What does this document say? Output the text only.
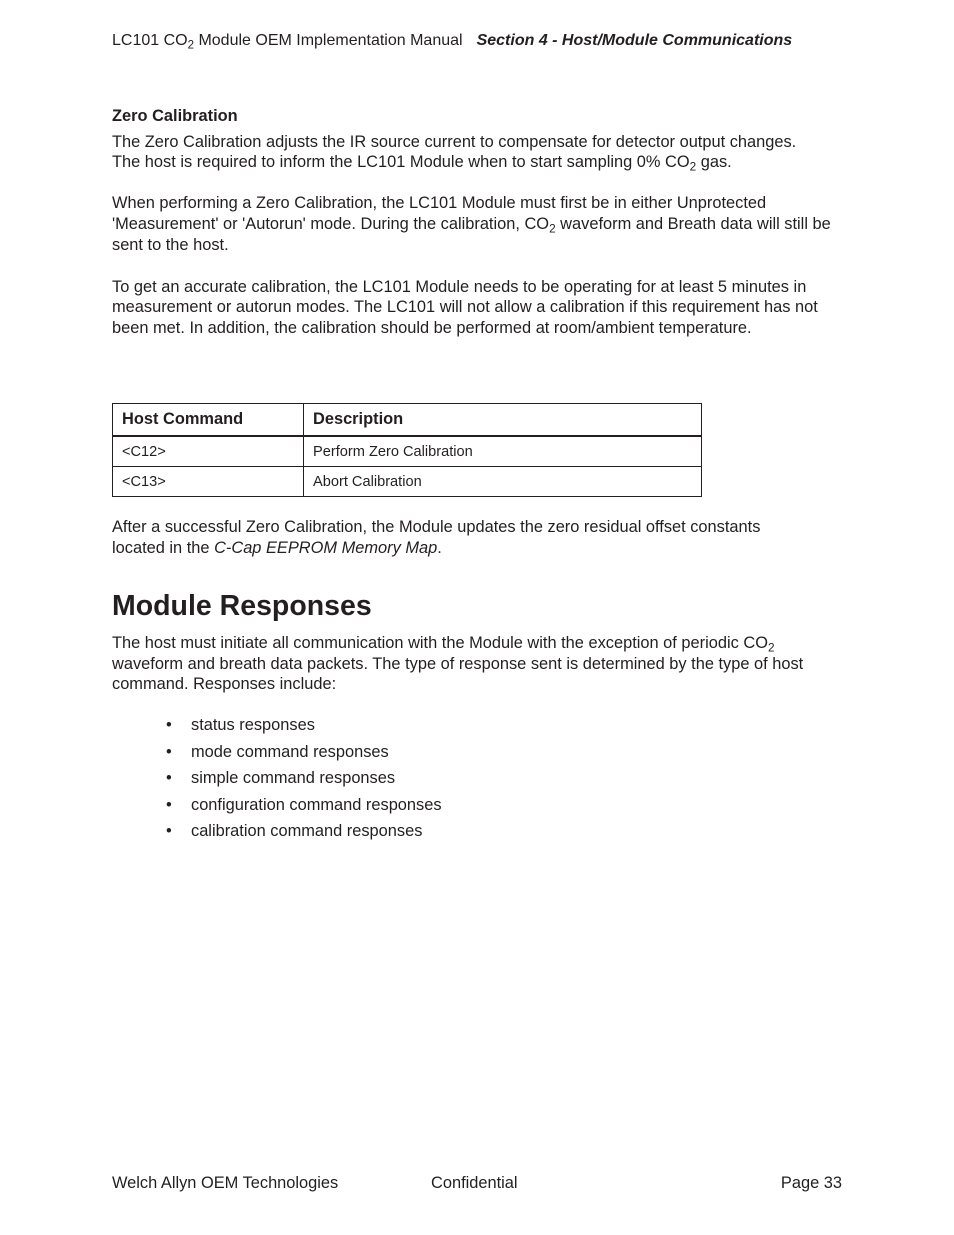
LC101 $CO_2$ Module OEM Implementation Manual Section 4 - Host/Module Communications
Zero Calibration

The Zero Calibration adjusts the IR source current to compensate for detector output changes.
The host is required to inform the LC101 Module when to start sampling 0% $CO_2$ gas.

When performing a Zero Calibration, the LC101 Module must first be in either Unprotected 'Measurement' or 'Autorun' mode. During the calibration, $CO_2$ waveform and Breath data will still be sent to the host.

To get an accurate calibration, the LC101 Module needs to be operating for at least 5 minutes in measurement or autorun modes. The LC101 will not allow a calibration if this requirement has not been met. In addition, the calibration should be performed at room/ambient temperature.

Host Command	Description
<C12>	Perform Zero Calibration
<C13>	Abort Calibration

After a successful Zero Calibration, the Module updates the zero residual offset constants
located in the C-Cap EEPROM Memory Map.

Module Responses

The host must initiate all communication with the Module with the exception of periodic $CO_2$ waveform and breath data packets. The type of response sent is determined by the type of host command. Responses include:

• status responses
• mode command responses
• simple command responses
• configuration command responses
• calibration command responses
Welch Allyn OEM Technologies	Confidential	Page 33
